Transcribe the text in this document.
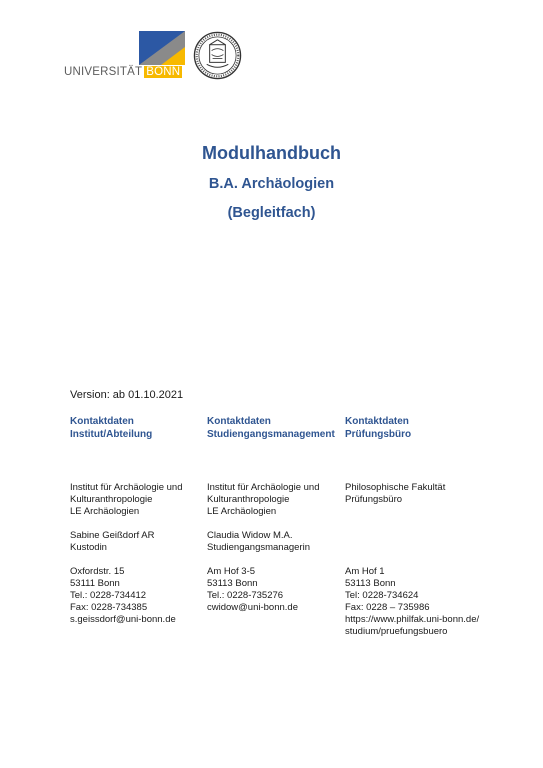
UNIVERSITÄT BONN
Modulhandbuch
B.A. Archäologien
(Begleitfach)
Version: ab 01.10.2021
Kontaktdaten
Institut/Abteilung
Institut für Archäologie und
Kulturanthropologie
LE Archäologien
Sabine Geißdorf AR
Kustodin
Oxfordstr. 15
53111 Bonn
Tel.: 0228-734412
Fax: 0228-734385
s.geissdorf@uni-bonn.de
Kontaktdaten
Studiengangsmanagement
Institut für Archäologie und
Kulturanthropologie
LE Archäologien
Claudia Widow M.A.
Studiengangsmanagerin
Am Hof 3-5
53113 Bonn
Tel.: 0228-735276
cwidow@uni-bonn.de
Kontaktdaten
Prüfungsbüro
Philosophische Fakultät
Prüfungsbüro
Am Hof 1
53113 Bonn
Tel: 0228-734624
Fax: 0228 – 735986
https://www.philfak.uni-bonn.de/
studium/pruefungsbuero
